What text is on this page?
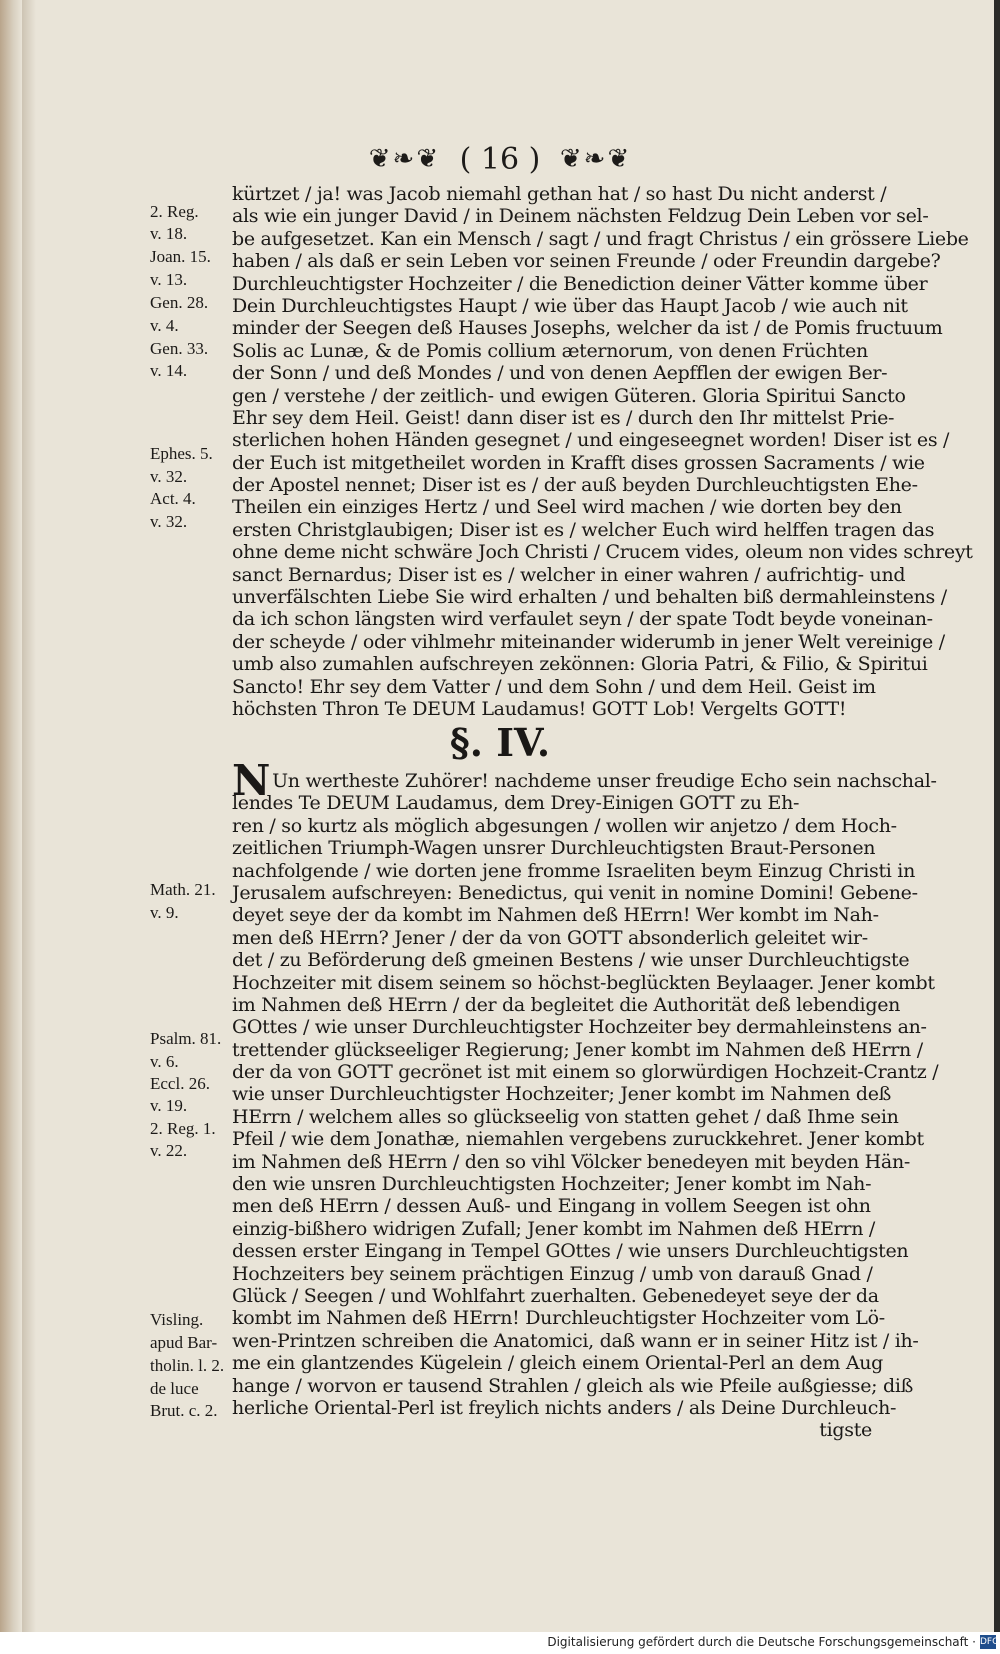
❦❧❦ ( 16 ) ❦❧❦
2. Reg.
v. 18.
Joan. 15.
v. 13.
Gen. 28.
v. 4.
Gen. 33.
v. 14.
Ephes. 5.
v. 32.
Act. 4.
v. 32.
Math. 21.
v. 9.
Psalm. 81.
v. 6.
Eccl. 26.
v. 19.
2. Reg. 1.
v. 22.
Visling.
apud Bar-
tholin. l. 2.
de luce
Brut. c. 2.
kürtzet / ja! was Jacob niemahl gethan hat / so hast Du nicht anderst /
als wie ein junger David / in Deinem nächsten Feldzug Dein Leben vor sel-
be aufgesetzet. Kan ein Mensch / sagt / und fragt Christus / ein grössere Liebe
haben / als daß er sein Leben vor seinen Freunde / oder Freundin dargebe?
Durchleuchtigster Hochzeiter / die Benediction deiner Vätter komme über
Dein Durchleuchtigstes Haupt / wie über das Haupt Jacob / wie auch nit
minder der Seegen deß Hauses Josephs, welcher da ist / de Pomis fructuum
Solis ac Lunæ, & de Pomis collium æternorum, von denen Früchten
der Sonn / und deß Mondes / und von denen Aepfflen der ewigen Ber-
gen / verstehe / der zeitlich- und ewigen Güteren. Gloria Spiritui Sancto
Ehr sey dem Heil. Geist! dann diser ist es / durch den Ihr mittelst Prie-
sterlichen hohen Händen gesegnet / und eingeseegnet worden! Diser ist es /
der Euch ist mitgetheilet worden in Krafft dises grossen Sacraments / wie
der Apostel nennet; Diser ist es / der auß beyden Durchleuchtigsten Ehe-
Theilen ein einziges Hertz / und Seel wird machen / wie dorten bey den
ersten Christglaubigen; Diser ist es / welcher Euch wird helffen tragen das
ohne deme nicht schwäre Joch Christi / Crucem vides, oleum non vides schreyt
sanct Bernardus; Diser ist es / welcher in einer wahren / aufrichtig- und
unverfälschten Liebe Sie wird erhalten / und behalten biß dermahleinstens /
da ich schon längsten wird verfaulet seyn / der spate Todt beyde voneinan-
der scheyde / oder vihlmehr miteinander widerumb in jener Welt vereinige /
umb also zumahlen aufschreyen zekönnen: Gloria Patri, & Filio, & Spiritui
Sancto! Ehr sey dem Vatter / und dem Sohn / und dem Heil. Geist im
höchsten Thron Te DEUM Laudamus! GOTT Lob! Vergelts GOTT!
§. IV.
N Un wertheste Zuhörer! nachdeme unser freudige Echo sein nachschal-
lendes Te DEUM Laudamus, dem Drey-Einigen GOTT zu Eh-
ren / so kurtz als möglich abgesungen / wollen wir anjetzo / dem Hoch-
zeitlichen Triumph-Wagen unsrer Durchleuchtigsten Braut-Personen
nachfolgende / wie dorten jene fromme Israeliten beym Einzug Christi in
Jerusalem aufschreyen: Benedictus, qui venit in nomine Domini! Gebene-
deyet seye der da kombt im Nahmen deß HErrn! Wer kombt im Nah-
men deß HErrn? Jener / der da von GOTT absonderlich geleitet wir-
det / zu Beförderung deß gmeinen Bestens / wie unser Durchleuchtigste
Hochzeiter mit disem seinem so höchst-beglückten Beylaager. Jener kombt
im Nahmen deß HErrn / der da begleitet die Authorität deß lebendigen
GOttes / wie unser Durchleuchtigster Hochzeiter bey dermahleinstens an-
trettender glückseeliger Regierung; Jener kombt im Nahmen deß HErrn /
der da von GOTT gecrönet ist mit einem so glorwürdigen Hochzeit-Crantz /
wie unser Durchleuchtigster Hochzeiter; Jener kombt im Nahmen deß
HErrn / welchem alles so glückseelig von statten gehet / daß Ihme sein
Pfeil / wie dem Jonathæ, niemahlen vergebens zuruckkehret. Jener kombt
im Nahmen deß HErrn / den so vihl Völcker benedeyen mit beyden Hän-
den wie unsren Durchleuchtigsten Hochzeiter; Jener kombt im Nah-
men deß HErrn / dessen Auß- und Eingang in vollem Seegen ist ohn
einzig-bißhero widrigen Zufall; Jener kombt im Nahmen deß HErrn /
dessen erster Eingang in Tempel GOttes / wie unsers Durchleuchtigsten
Hochzeiters bey seinem prächtigen Einzug / umb von darauß Gnad /
Glück / Seegen / und Wohlfahrt zuerhalten. Gebenedeyet seye der da
kombt im Nahmen deß HErrn! Durchleuchtigster Hochzeiter vom Lö-
wen-Printzen schreiben die Anatomici, daß wann er in seiner Hitz ist / ih-
me ein glantzendes Kügelein / gleich einem Oriental-Perl an dem Aug
hange / worvon er tausend Strahlen / gleich als wie Pfeile außgiesse; diß
herliche Oriental-Perl ist freylich nichts anders / als Deine Durchleuch-
tigste
Digitalisierung gefördert durch die Deutsche Forschungsgemeinschaft · DFG
